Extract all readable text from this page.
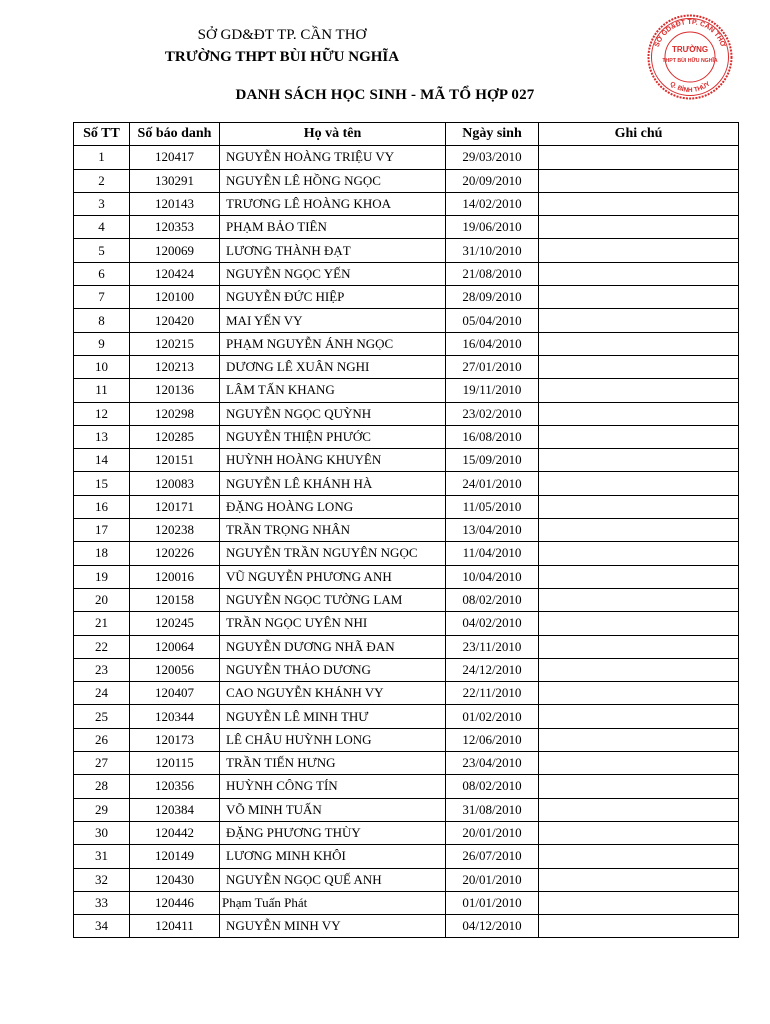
SỞ GD&ĐT TP. CẦN THƠ
TRƯỜNG THPT BÙI HỮU NGHĨA
DANH SÁCH HỌC SINH - MÃ TỔ HỢP 027
SỞ GD&ĐT TP. CẦN THƠ
Q. BÌNH THỦY
TRƯỜNG
THPT BÙI HỮU NGHĨA
Số TT	Số báo danh	Họ và tên	Ngày sinh	Ghi chú
1	120417	NGUYỄN HOÀNG TRIỆU VY	29/03/2010	
2	130291	NGUYỄN LÊ HỒNG NGỌC	20/09/2010	
3	120143	TRƯƠNG LÊ HOÀNG KHOA	14/02/2010	
4	120353	PHẠM BẢO TIÊN	19/06/2010	
5	120069	LƯƠNG THÀNH ĐẠT	31/10/2010	
6	120424	NGUYỄN NGỌC YẾN	21/08/2010	
7	120100	NGUYỄN ĐỨC HIỆP	28/09/2010	
8	120420	MAI YẾN VY	05/04/2010	
9	120215	PHẠM NGUYỄN ÁNH NGỌC	16/04/2010	
10	120213	DƯƠNG LÊ XUÂN NGHI	27/01/2010	
11	120136	LÂM TẤN KHANG	19/11/2010	
12	120298	NGUYỄN NGỌC QUỲNH	23/02/2010	
13	120285	NGUYỄN THIỆN PHƯỚC	16/08/2010	
14	120151	HUỲNH HOÀNG KHUYÊN	15/09/2010	
15	120083	NGUYỄN LÊ KHÁNH HÀ	24/01/2010	
16	120171	ĐẶNG HOÀNG LONG	11/05/2010	
17	120238	TRẦN TRỌNG NHÂN	13/04/2010	
18	120226	NGUYỄN TRẦN NGUYÊN NGỌC	11/04/2010	
19	120016	VŨ NGUYỄN PHƯƠNG ANH	10/04/2010	
20	120158	NGUYỄN NGỌC TƯỜNG LAM	08/02/2010	
21	120245	TRẦN NGỌC UYÊN NHI	04/02/2010	
22	120064	NGUYỄN DƯƠNG NHÃ ĐAN	23/11/2010	
23	120056	NGUYỄN THẢO DƯƠNG	24/12/2010	
24	120407	CAO NGUYỄN KHÁNH VY	22/11/2010	
25	120344	NGUYỄN LÊ MINH THƯ	01/02/2010	
26	120173	LÊ CHÂU HUỲNH LONG	12/06/2010	
27	120115	TRẦN TIẾN HƯNG	23/04/2010	
28	120356	HUỲNH CÔNG TÍN	08/02/2010	
29	120384	VÕ MINH TUẤN	31/08/2010	
30	120442	ĐẶNG PHƯƠNG THÙY	20/01/2010	
31	120149	LƯƠNG MINH KHÔI	26/07/2010	
32	120430	NGUYỄN NGỌC QUẾ ANH	20/01/2010	
33	120446	Phạm Tuấn Phát	01/01/2010	
34	120411	NGUYỄN MINH VY	04/12/2010	
